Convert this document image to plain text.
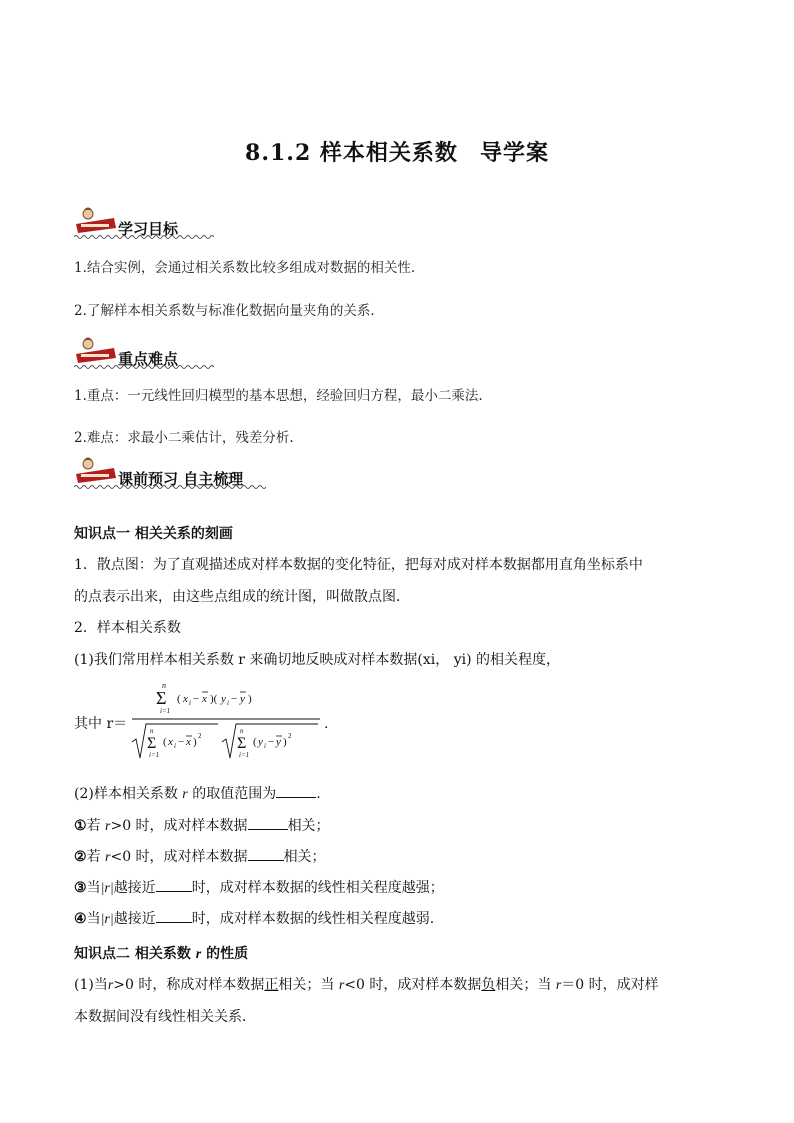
8.1.2 样本相关系数 导学案
学习目标
1.结合实例，会通过相关系数比较多组成对数据的相关性.
2.了解样本相关系数与标准化数据向量夹角的关系.
重点难点
1.重点：一元线性回归模型的基本思想，经验回归方程，最小二乘法.
2.难点：求最小二乘估计，残差分析.
课前预习 自主梳理
知识点一 相关关系的刻画
1．散点图：为了直观描述成对样本数据的变化特征，把每对成对样本数据都用直角坐标系中
的点表示出来，由这些点组成的统计图，叫做散点图．
2．样本相关系数
(1)我们常用样本相关系数 r 来确切地反映成对样本数据(xi， yi) 的相关程度，
其中 r＝
n
Σ
i=1
( x i − x )( y i − y )
n
Σ
i=1
( x i − x ) 2
n
Σ
i=1
( y i − y ) 2
.
(2)样本相关系数 r 的取值范围为	.
①若 r>0 时，成对样本数据	相关；
②若 r<0 时，成对样本数据	相关；
③当|r|越接近	时，成对样本数据的线性相关程度越强；
④当|r|越接近	时，成对样本数据的线性相关程度越弱.
知识点二 相关系数 r 的性质
(1)当r>0 时，称成对样本数据正相关；当 r<0 时，成对样本数据负相关；当 r＝0 时，成对样
本数据间没有线性相关关系．
